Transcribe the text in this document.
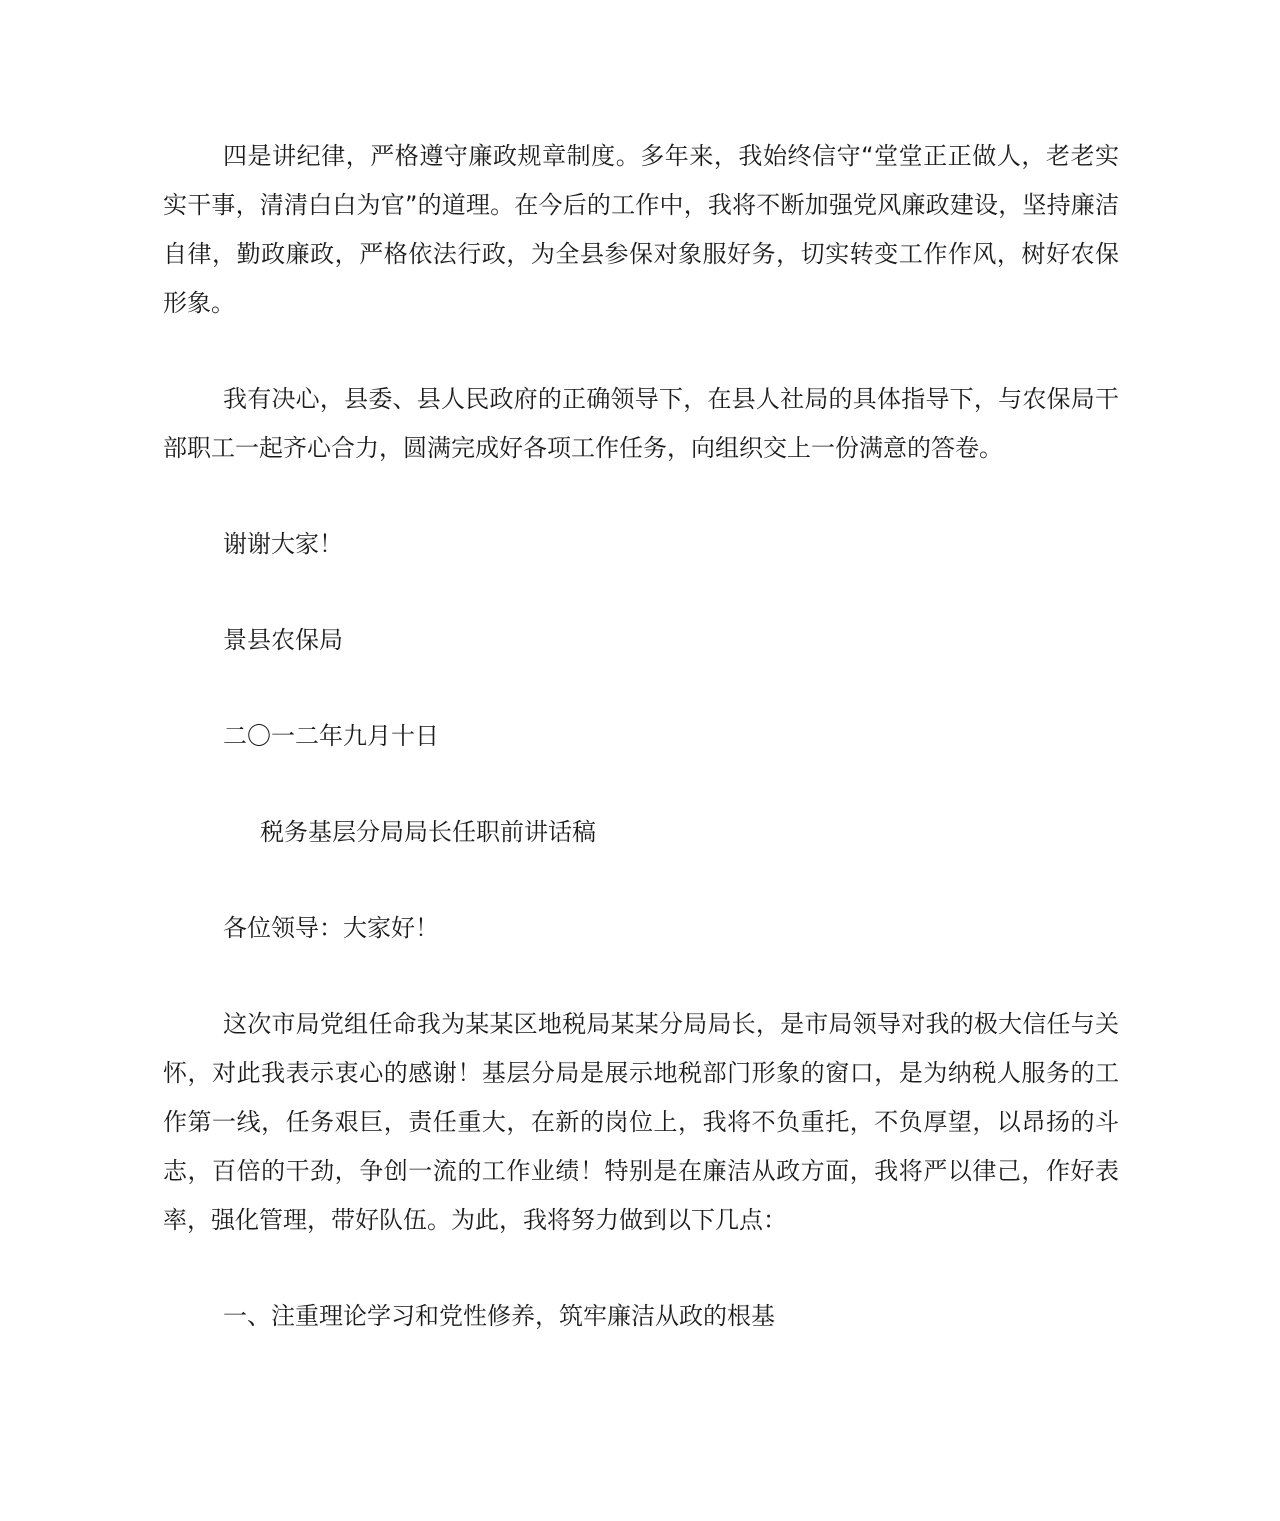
四是讲纪律，严格遵守廉政规章制度。多年来，我始终信守“堂堂正正做人，老老实实干事，清清白白为官”的道理。在今后的工作中，我将不断加强党风廉政建设，坚持廉洁自律，勤政廉政，严格依法行政，为全县参保对象服好务，切实转变工作作风，树好农保形象。

我有决心，县委、县人民政府的正确领导下，在县人社局的具体指导下，与农保局干部职工一起齐心合力，圆满完成好各项工作任务，向组织交上一份满意的答卷。

谢谢大家！

景县农保局

二〇一二年九月十日

税务基层分局局长任职前讲话稿

各位领导：大家好！

这次市局党组任命我为某某区地税局某某分局局长，是市局领导对我的极大信任与关怀，对此我表示衷心的感谢！基层分局是展示地税部门形象的窗口，是为纳税人服务的工作第一线，任务艰巨，责任重大，在新的岗位上，我将不负重托，不负厚望，以昂扬的斗志，百倍的干劲，争创一流的工作业绩！特别是在廉洁从政方面，我将严以律己，作好表率，强化管理，带好队伍。为此，我将努力做到以下几点：

一、注重理论学习和党性修养，筑牢廉洁从政的根基
